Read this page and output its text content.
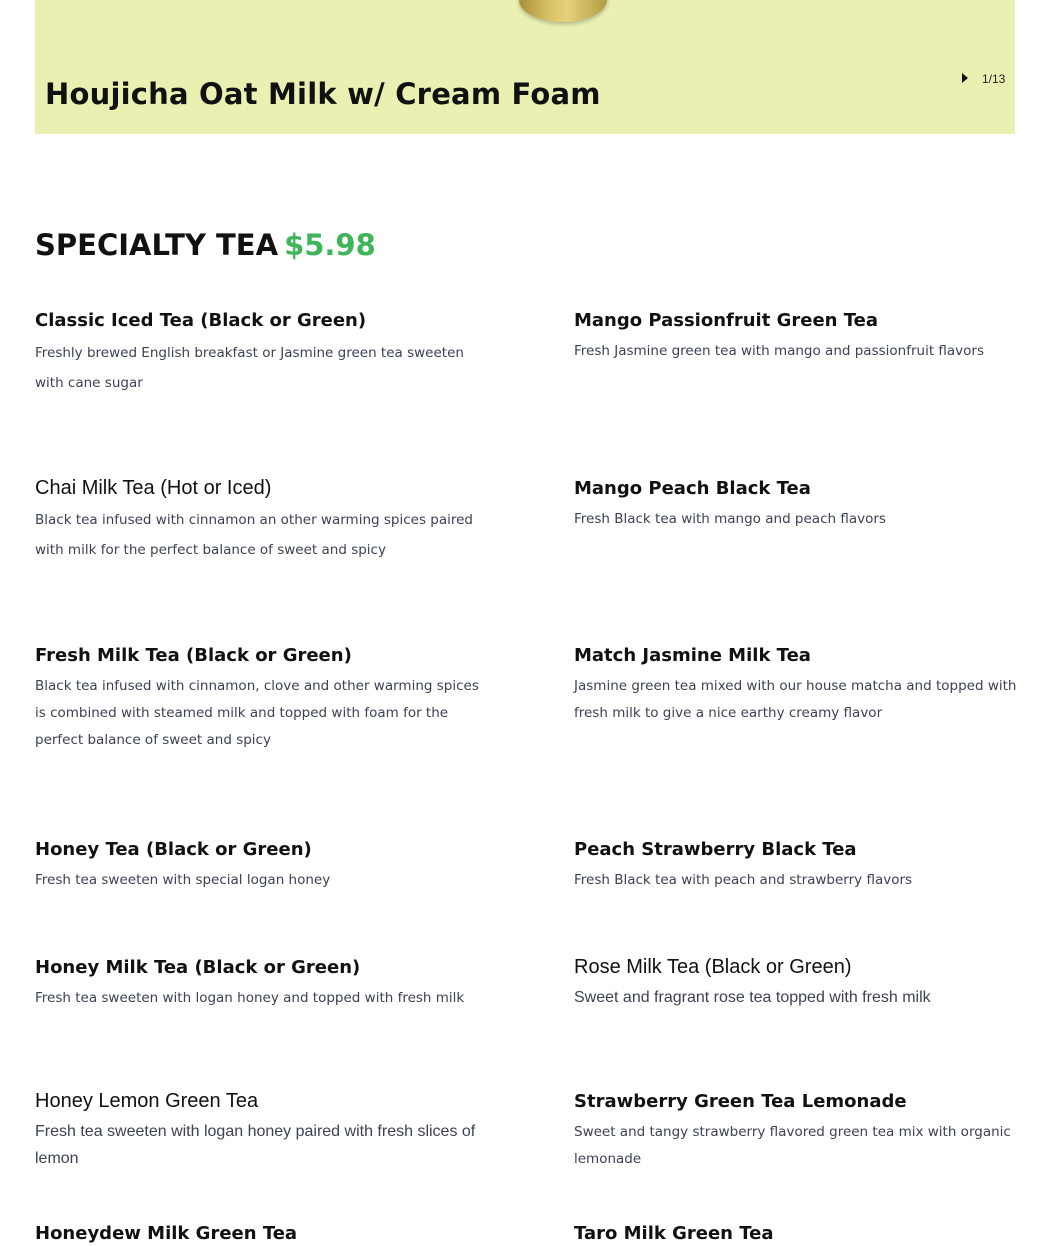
Houjicha Oat Milk w/ Cream Foam	1/13
SPECIALTY TEA $5.98
Classic Iced Tea (Black or Green)
Freshly brewed English breakfast or Jasmine green tea sweeten with cane sugar
Chai Milk Tea (Hot or Iced)
Black tea infused with cinnamon an other warming spices paired with milk for the perfect balance of sweet and spicy
Fresh Milk Tea (Black or Green)
Black tea infused with cinnamon, clove and other warming spices is combined with steamed milk and topped with foam for the perfect balance of sweet and spicy
Honey Tea (Black or Green)
Fresh tea sweeten with special logan honey
Honey Milk Tea (Black or Green)
Fresh tea sweeten with logan honey and topped with fresh milk
Honey Lemon Green Tea
Fresh tea sweeten with logan honey paired with fresh slices of lemon
Honeydew Milk Green Tea
Mango Passionfruit Green Tea
Fresh Jasmine green tea with mango and passionfruit flavors
Mango Peach Black Tea
Fresh Black tea with mango and peach flavors
Match Jasmine Milk Tea
Jasmine green tea mixed with our house matcha and topped with fresh milk to give a nice earthy creamy flavor
Peach Strawberry Black Tea
Fresh Black tea with peach and strawberry flavors
Rose Milk Tea (Black or Green)
Sweet and fragrant rose tea topped with fresh milk
Strawberry Green Tea Lemonade
Sweet and tangy strawberry flavored green tea mix with organic lemonade
Taro Milk Green Tea
